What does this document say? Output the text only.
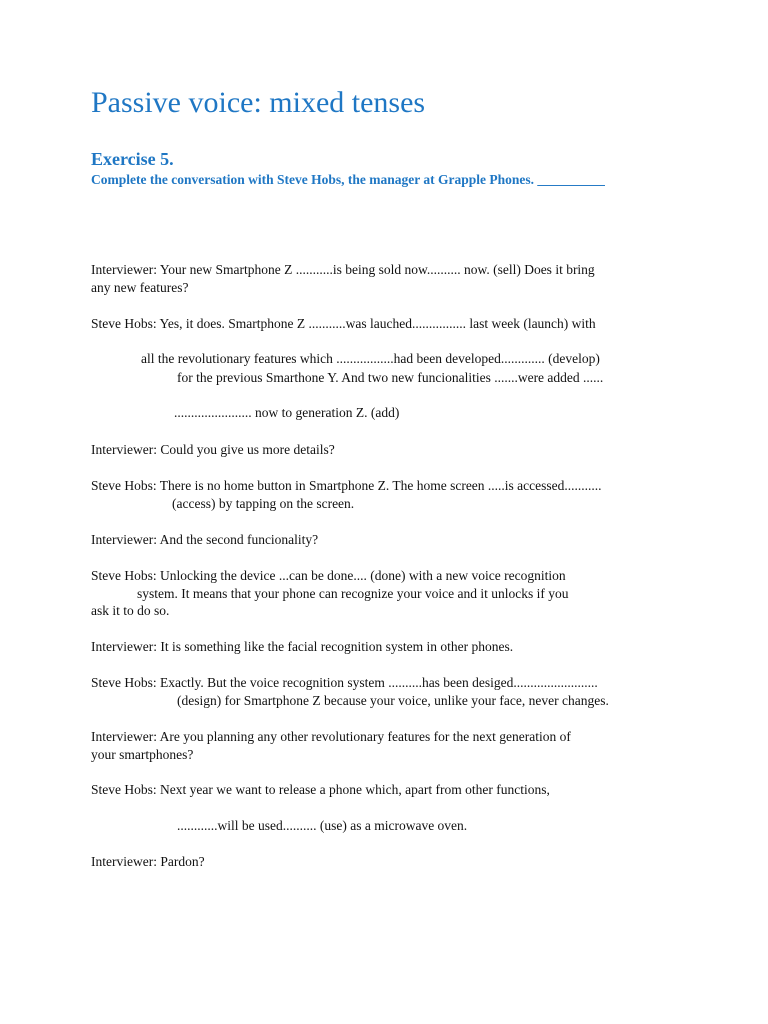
Passive voice: mixed tenses
Exercise 5.

Complete the conversation with Steve Hobs, the manager at Grapple Phones. __________

Interviewer: Your new Smartphone Z ...........is being sold now.......... now. (sell) Does it bring

any new features?

Steve Hobs: Yes, it does. Smartphone Z ...........was lauched................ last week (launch) with

all the revolutionary features which .................had been developed............. (develop)

for the previous Smarthone Y. And two new funcionalities .......were added ......

....................... now to generation Z. (add)

Interviewer: Could you give us more details?

Steve Hobs: There is no home button in Smartphone Z. The home screen .....is accessed...........

(access) by tapping on the screen.

Interviewer: And the second funcionality?

Steve Hobs: Unlocking the device ...can be done.... (done) with a new voice recognition

system. It means that your phone can recognize your voice and it unlocks if you

ask it to do so.

Interviewer: It is something like the facial recognition system in other phones.

Steve Hobs: Exactly. But the voice recognition system ..........has been desiged.........................

(design) for Smartphone Z because your voice, unlike your face, never changes.

Interviewer: Are you planning any other revolutionary features for the next generation of

your smartphones?

Steve Hobs: Next year we want to release a phone which, apart from other functions,

............will be used.......... (use) as a microwave oven.

Interviewer: Pardon?
